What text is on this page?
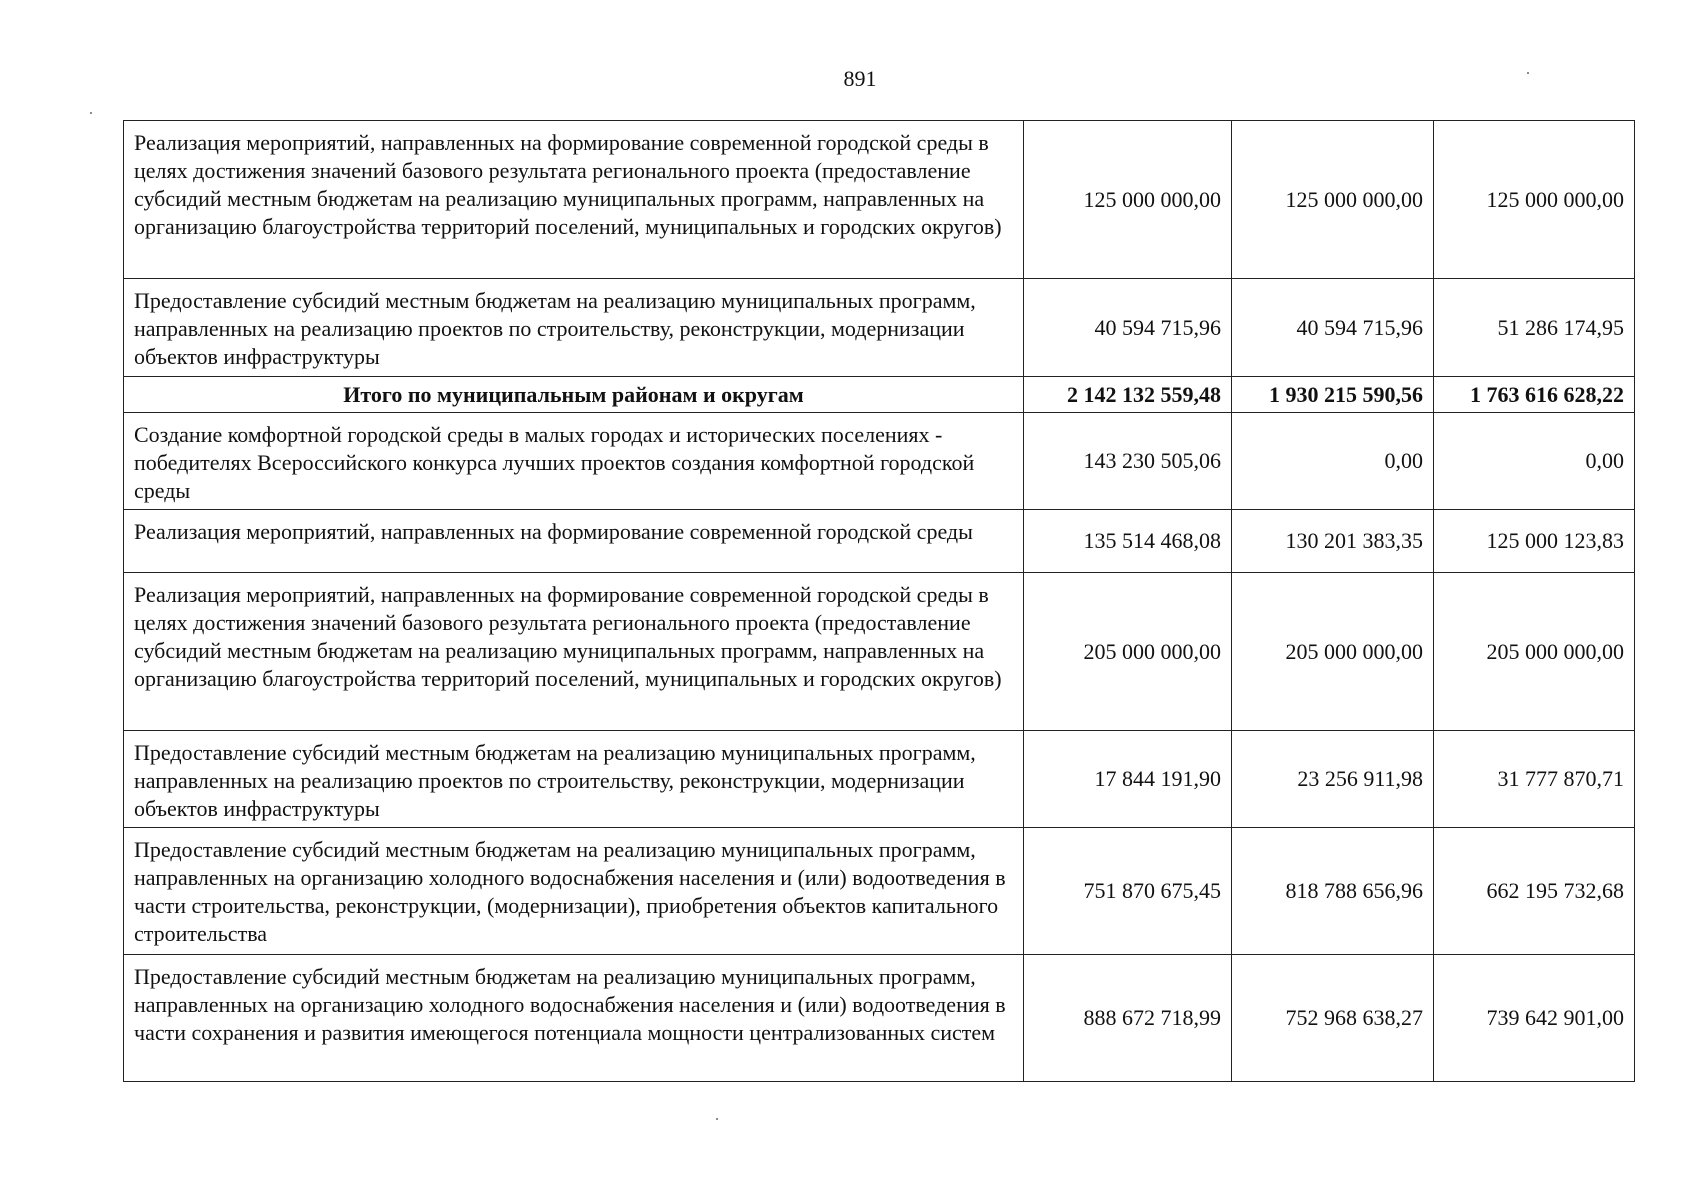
891
Реализация мероприятий, направленных на формирование современной городской среды в целях достижения значений базового результата регионального проекта (предоставление субсидий местным бюджетам на реализацию муниципальных программ, направленных на организацию благоустройства территорий поселений, муниципальных и городских округов)	125 000 000,00	125 000 000,00	125 000 000,00
Предоставление субсидий местным бюджетам на реализацию муниципальных программ, направленных на реализацию проектов по строительству, реконструкции, модернизации объектов инфраструктуры	40 594 715,96	40 594 715,96	51 286 174,95
Итого по муниципальным районам и округам	2 142 132 559,48	1 930 215 590,56	1 763 616 628,22
Создание комфортной городской среды в малых городах и исторических поселениях - победителях Всероссийского конкурса лучших проектов создания комфортной городской среды	143 230 505,06	0,00	0,00
Реализация мероприятий, направленных на формирование современной городской среды	135 514 468,08	130 201 383,35	125 000 123,83
Реализация мероприятий, направленных на формирование современной городской среды в целях достижения значений базового результата регионального проекта (предоставление субсидий местным бюджетам на реализацию муниципальных программ, направленных на организацию благоустройства территорий поселений, муниципальных и городских округов)	205 000 000,00	205 000 000,00	205 000 000,00
Предоставление субсидий местным бюджетам на реализацию муниципальных программ, направленных на реализацию проектов по строительству, реконструкции, модернизации объектов инфраструктуры	17 844 191,90	23 256 911,98	31 777 870,71
Предоставление субсидий местным бюджетам на реализацию муниципальных программ, направленных на организацию холодного водоснабжения населения и (или) водоотведения в части строительства, реконструкции, (модернизации), приобретения объектов капитального строительства	751 870 675,45	818 788 656,96	662 195 732,68
Предоставление субсидий местным бюджетам на реализацию муниципальных программ, направленных на организацию холодного водоснабжения населения и (или) водоотведения в части сохранения и развития имеющегося потенциала мощности централизованных систем	888 672 718,99	752 968 638,27	739 642 901,00
